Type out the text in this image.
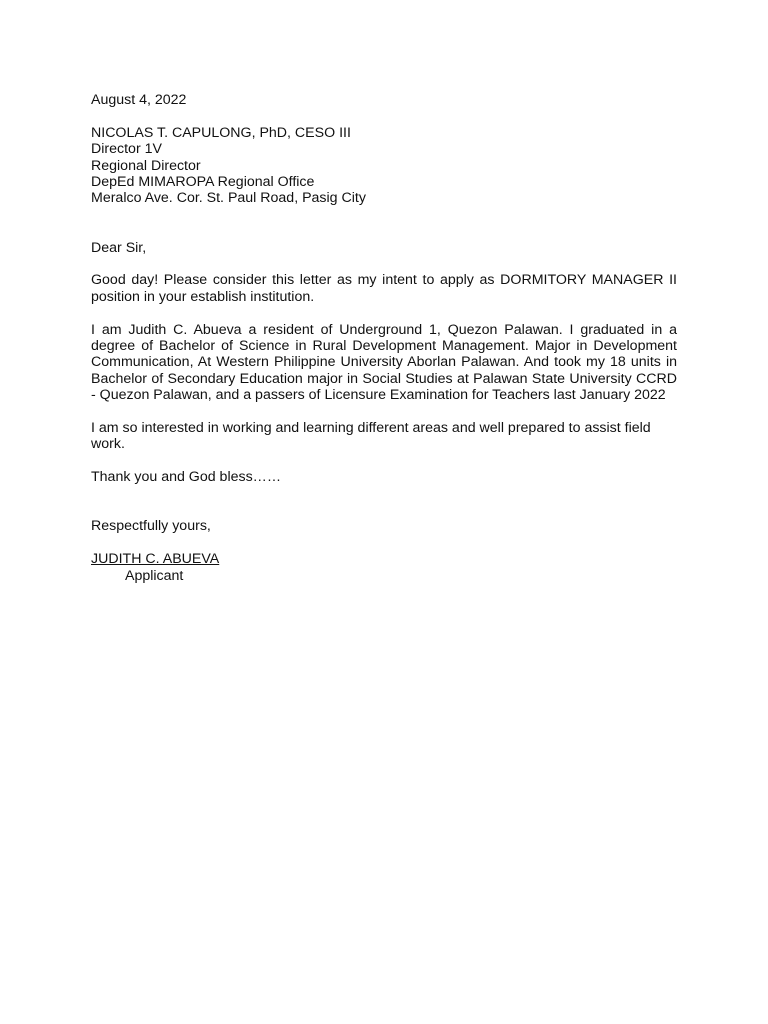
August 4, 2022
NICOLAS T. CAPULONG, PhD, CESO III
Director 1V
Regional Director
DepEd MIMAROPA Regional Office
Meralco Ave. Cor. St. Paul Road, Pasig City
Dear Sir,
Good day! Please consider this letter as my intent to apply as DORMITORY MANAGER II position in your establish institution.
I am Judith C. Abueva a resident of Underground 1, Quezon Palawan. I graduated in a degree of Bachelor of Science in Rural Development Management. Major in Development Communication, At Western Philippine University Aborlan Palawan. And took my 18 units in Bachelor of Secondary Education major in Social Studies at Palawan State University CCRD - Quezon Palawan, and a passers of Licensure Examination for Teachers last January 2022
I am so interested in working and learning different areas and well prepared to assist field work.
Thank you and God bless……
Respectfully yours,
JUDITH C. ABUEVA
Applicant
